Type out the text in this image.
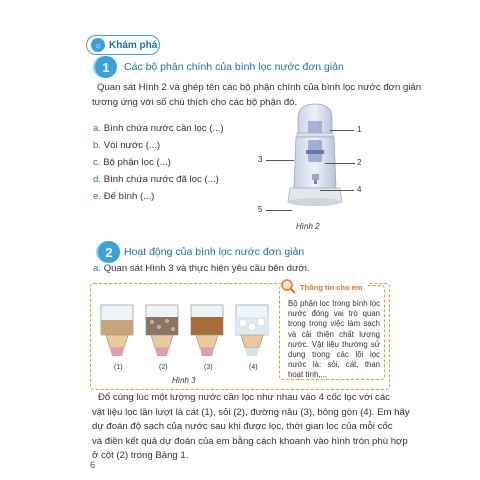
☼ Khám phá
1	Các bộ phận chính của bình lọc nước đơn giản
Quan sát Hình 2 và ghép tên các bộ phận chính của bình lọc nước đơn giản
tương ứng với số chú thích cho các bộ phận đó.
a. Bình chứa nước cần lọc (...)
b. Vòi nước (...)
c. Bộ phận lọc (...)
d. Bình chứa nước đã lọc (...)
e. Đế bình (...)
1
2
3
4
5
Hình 2
2	Hoạt động của bình lọc nước đơn giản
a. Quan sát Hình 3 và thực hiện yêu cầu bên dưới.
(1)	(2)	(3)	(4)
Hình 3
Thông tin cho em
Bộ phận lọc trong bình lọc nước đóng vai trò quan trọng trong việc làm sạch và cải thiện chất lượng nước. Vật liệu thường sử dụng trong các lõi lọc nước là: sỏi, cát, than hoạt tính,...
Đổ cùng lúc một lượng nước cần lọc như nhau vào 4 cốc lọc với các
vật liệu lọc lần lượt là cát (1), sỏi (2), đường nâu (3), bông gòn (4). Em hãy
dự đoán độ sạch của nước sau khi được lọc, thời gian lọc của mỗi cốc
và điền kết quả dự đoán của em bằng cách khoanh vào hình tròn phù hợp
ở cột (2) trong Bảng 1.
6
